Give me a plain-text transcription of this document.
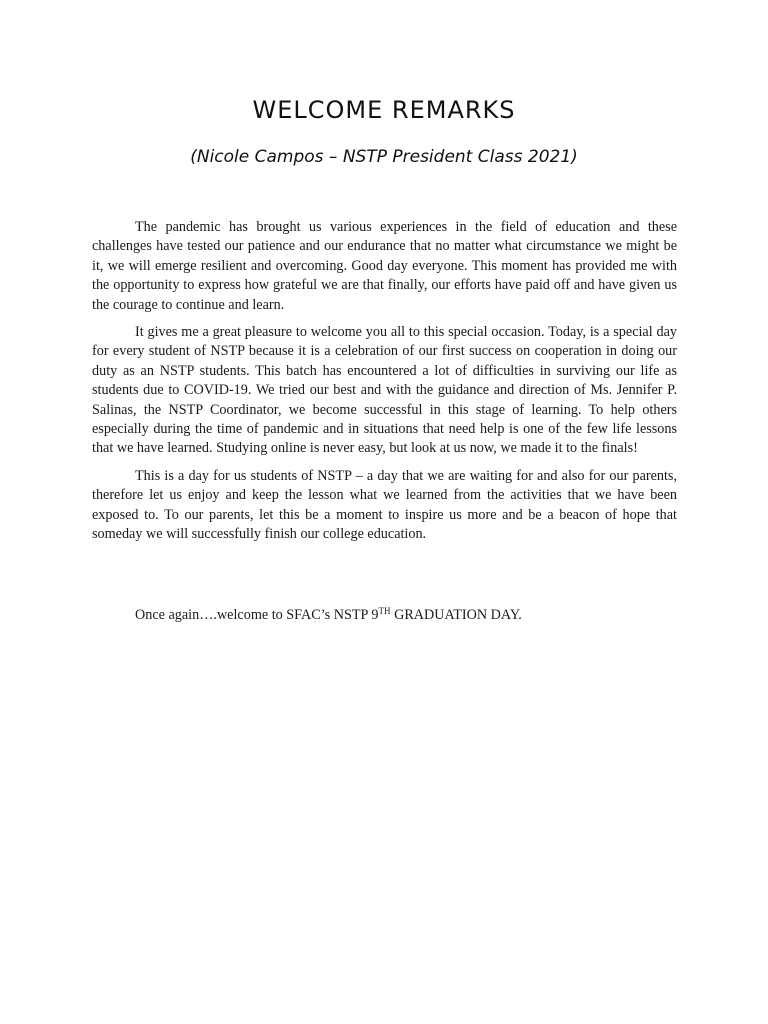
WELCOME REMARKS
(Nicole Campos – NSTP President Class 2021)

The pandemic has brought us various experiences in the field of education and these challenges have tested our patience and our endurance that no matter what circumstance we might be it, we will emerge resilient and overcoming. Good day everyone. This moment has provided me with the opportunity to express how grateful we are that finally, our efforts have paid off and have given us the courage to continue and learn.

It gives me a great pleasure to welcome you all to this special occasion. Today, is a special day for every student of NSTP because it is a celebration of our first success on cooperation in doing our duty as an NSTP students. This batch has encountered a lot of difficulties in surviving our life as students due to COVID-19. We tried our best and with the guidance and direction of Ms. Jennifer P. Salinas, the NSTP Coordinator, we become successful in this stage of learning. To help others especially during the time of pandemic and in situations that need help is one of the few life lessons that we have learned. Studying online is never easy, but look at us now, we made it to the finals!

This is a day for us students of NSTP – a day that we are waiting for and also for our parents, therefore let us enjoy and keep the lesson what we learned from the activities that we have been exposed to. To our parents, let this be a moment to inspire us more and be a beacon of hope that someday we will successfully finish our college education.

Once again….welcome to SFAC’s NSTP 9TH GRADUATION DAY.
